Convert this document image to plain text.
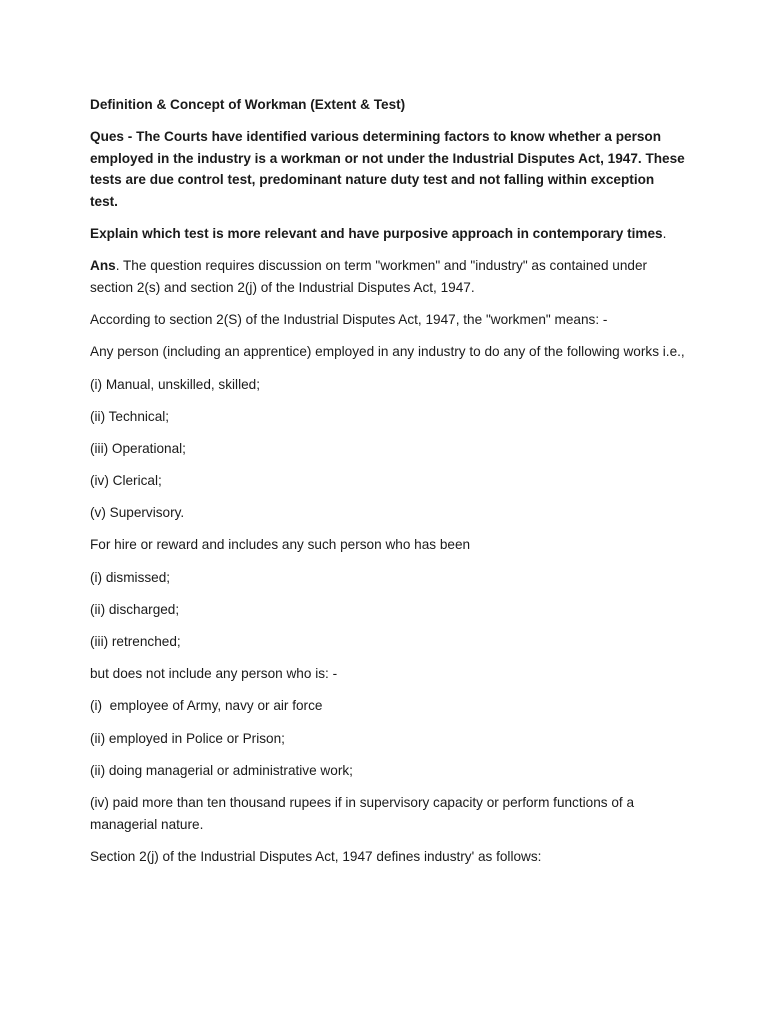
Definition & Concept of Workman (Extent & Test)

Ques - The Courts have identified various determining factors to know whether a person employed in the industry is a workman or not under the Industrial Disputes Act, 1947. These tests are due control test, predominant nature duty test and not falling within exception test.

Explain which test is more relevant and have purposive approach in contemporary times.

Ans. The question requires discussion on term "workmen" and "industry" as contained under section 2(s) and section 2(j) of the Industrial Disputes Act, 1947.

According to section 2(S) of the Industrial Disputes Act, 1947, the "workmen" means: -

Any person (including an apprentice) employed in any industry to do any of the following works i.e.,

(i) Manual, unskilled, skilled;

(ii) Technical;

(iii) Operational;

(iv) Clerical;

(v) Supervisory.

For hire or reward and includes any such person who has been

(i) dismissed;

(ii) discharged;

(iii) retrenched;

but does not include any person who is: -

(i)  employee of Army, navy or air force

(ii) employed in Police or Prison;

(ii) doing managerial or administrative work;

(iv) paid more than ten thousand rupees if in supervisory capacity or perform functions of a managerial nature.

Section 2(j) of the Industrial Disputes Act, 1947 defines industry' as follows:
